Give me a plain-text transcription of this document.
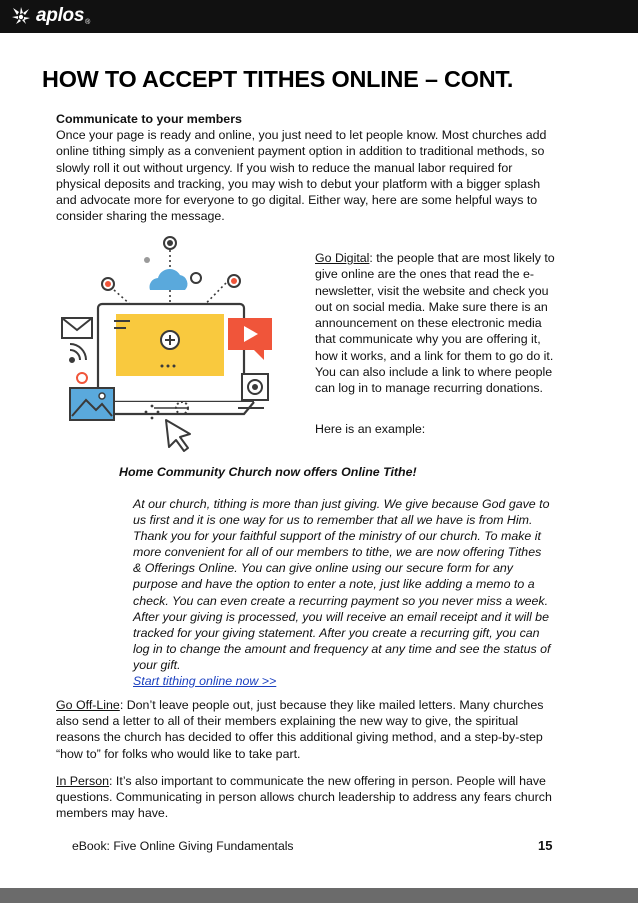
aplos ®
HOW TO ACCEPT TITHES ONLINE – CONT.
Communicate to your members
Once your page is ready and online, you just need to let people know. Most churches add online tithing simply as a convenient payment option in addition to traditional methods, so slowly roll it out without urgency. If you wish to reduce the manual labor required for physical deposits and tracking, you may wish to debut your platform with a bigger splash and advocate more for everyone to go digital. Either way, here are some helpful ways to consider sharing the message.
Go Digital: the people that are most likely to give online are the ones that read the e-newsletter, visit the website and check you out on social media. Make sure there is an announcement on these electronic media that communicate why you are offering it, how it works, and a link for them to go do it. You can also include a link to where people can log in to manage recurring donations.
Here is an example:
Home Community Church now offers Online Tithe!
At our church, tithing is more than just giving. We give because God gave to us first and it is one way for us to remember that all we have is from Him. Thank you for your faithful support of the ministry of our church. To make it more convenient for all of our members to tithe, we are now offering Tithes & Offerings Online. You can give online using our secure form for any purpose and have the option to enter a note, just like adding a memo to a check. You can even create a recurring payment so you never miss a week. After your giving is processed, you will receive an email receipt and it will be tracked for your giving statement. After you create a recurring gift, you can log in to change the amount and frequency at any time and see the status of your gift.
Start tithing online now >>
Go Off-Line: Don’t leave people out, just because they like mailed letters. Many churches also send a letter to all of their members explaining the new way to give, the spiritual reasons the church has decided to offer this additional giving method, and a step-by-step “how to” for folks who would like to take part.
In Person: It’s also important to communicate the new offering in person. People will have questions. Communicating in person allows church leadership to address any fears church members may have.
eBook: Five Online Giving Fundamentals	15
